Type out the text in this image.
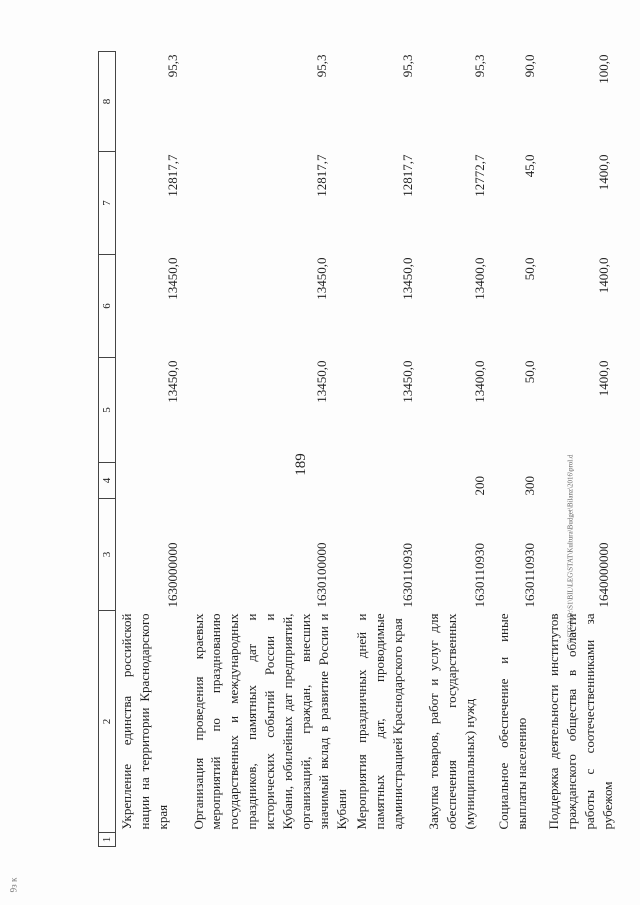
189	\\\STCA\D:\S1\BIL\LEG\STAT\Kultura\Budget\Bilanz\2016\prol.d
9з к
1	2	3	4	5	6	7	8
	Укрепление единства российской нации на территории Краснодарского края	1630000000		13450,0	13450,0	12817,7	95,3
	Организация проведения краевых мероприятий по празднованию государственных и международных праздников, памятных дат и исторических событий России и Кубани, юбилейных дат предприятий, организаций, граждан, внесших значимый вклад в развитие России и Кубани	1630100000		13450,0	13450,0	12817,7	95,3
	Мероприятия праздничных дней и памятных дат, проводимые администрацией Краснодарского края	1630110930		13450,0	13450,0	12817,7	95,3
	Закупка товаров, работ и услуг для обеспечения государственных (муниципальных) нужд	1630110930	200	13400,0	13400,0	12772,7	95,3
	Социальное обеспечение и иные выплаты населению	1630110930	300	50,0	50,0	45,0	90,0
	Поддержка деятельности институтов гражданского общества в области работы с соотечественниками за рубежом	1640000000		1400,0	1400,0	1400,0	100,0
